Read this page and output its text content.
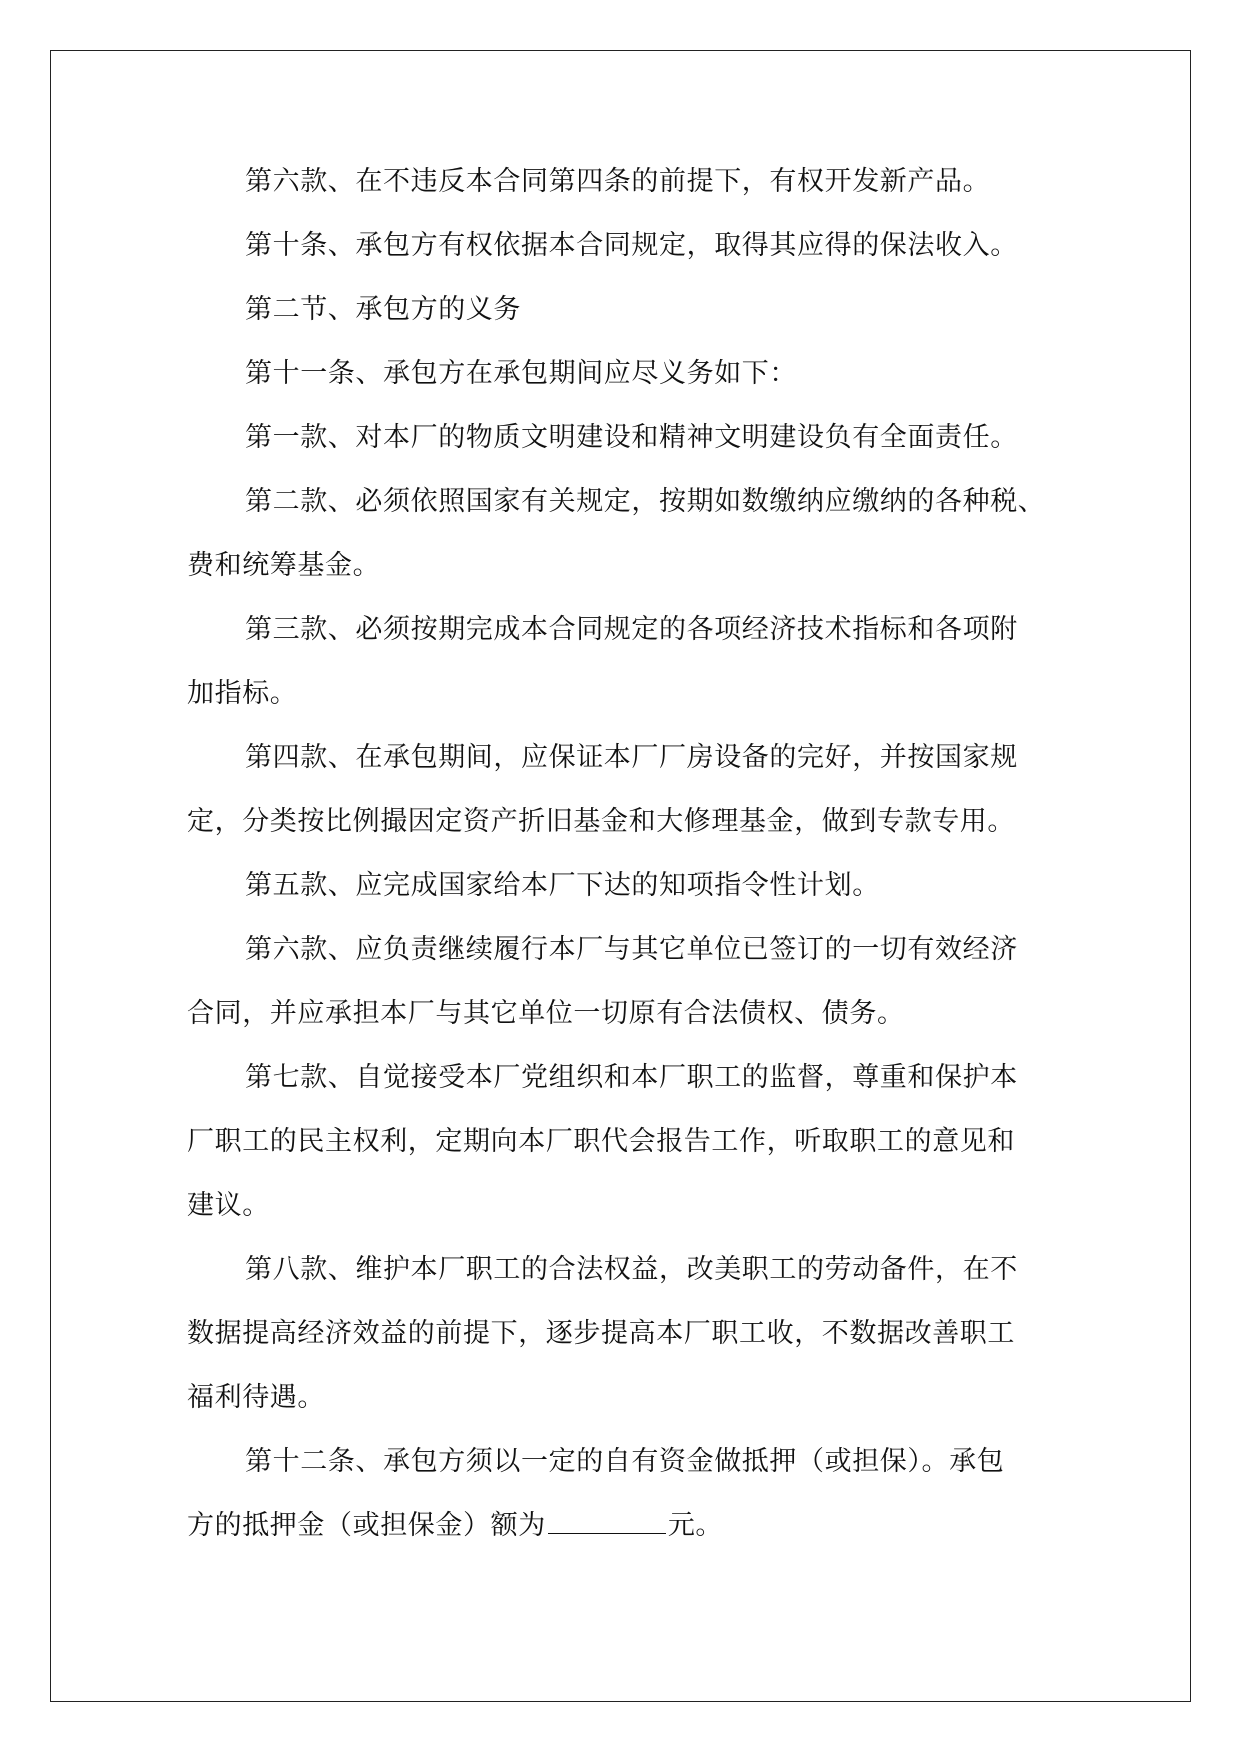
第六款、在不违反本合同第四条的前提下，有权开发新产品。

第十条、承包方有权依据本合同规定，取得其应得的保法收入。

第二节、承包方的义务

第十一条、承包方在承包期间应尽义务如下：

第一款、对本厂的物质文明建设和精神文明建设负有全面责任。

第二款、必须依照国家有关规定，按期如数缴纳应缴纳的各种税、
费和统筹基金。

第三款、必须按期完成本合同规定的各项经济技术指标和各项附
加指标。

第四款、在承包期间，应保证本厂厂房设备的完好，并按国家规
定，分类按比例撮因定资产折旧基金和大修理基金，做到专款专用。

第五款、应完成国家给本厂下达的知项指令性计划。

第六款、应负责继续履行本厂与其它单位已签订的一切有效经济
合同，并应承担本厂与其它单位一切原有合法债权、债务。

第七款、自觉接受本厂党组织和本厂职工的监督，尊重和保护本
厂职工的民主权利，定期向本厂职代会报告工作，听取职工的意见和
建议。

第八款、维护本厂职工的合法权益，改美职工的劳动备件，在不
数据提高经济效益的前提下，逐步提高本厂职工收，不数据改善职工
福利待遇。

第十二条、承包方须以一定的自有资金做抵押（或担保）。承包
方的抵押金（或担保金）额为	元。
